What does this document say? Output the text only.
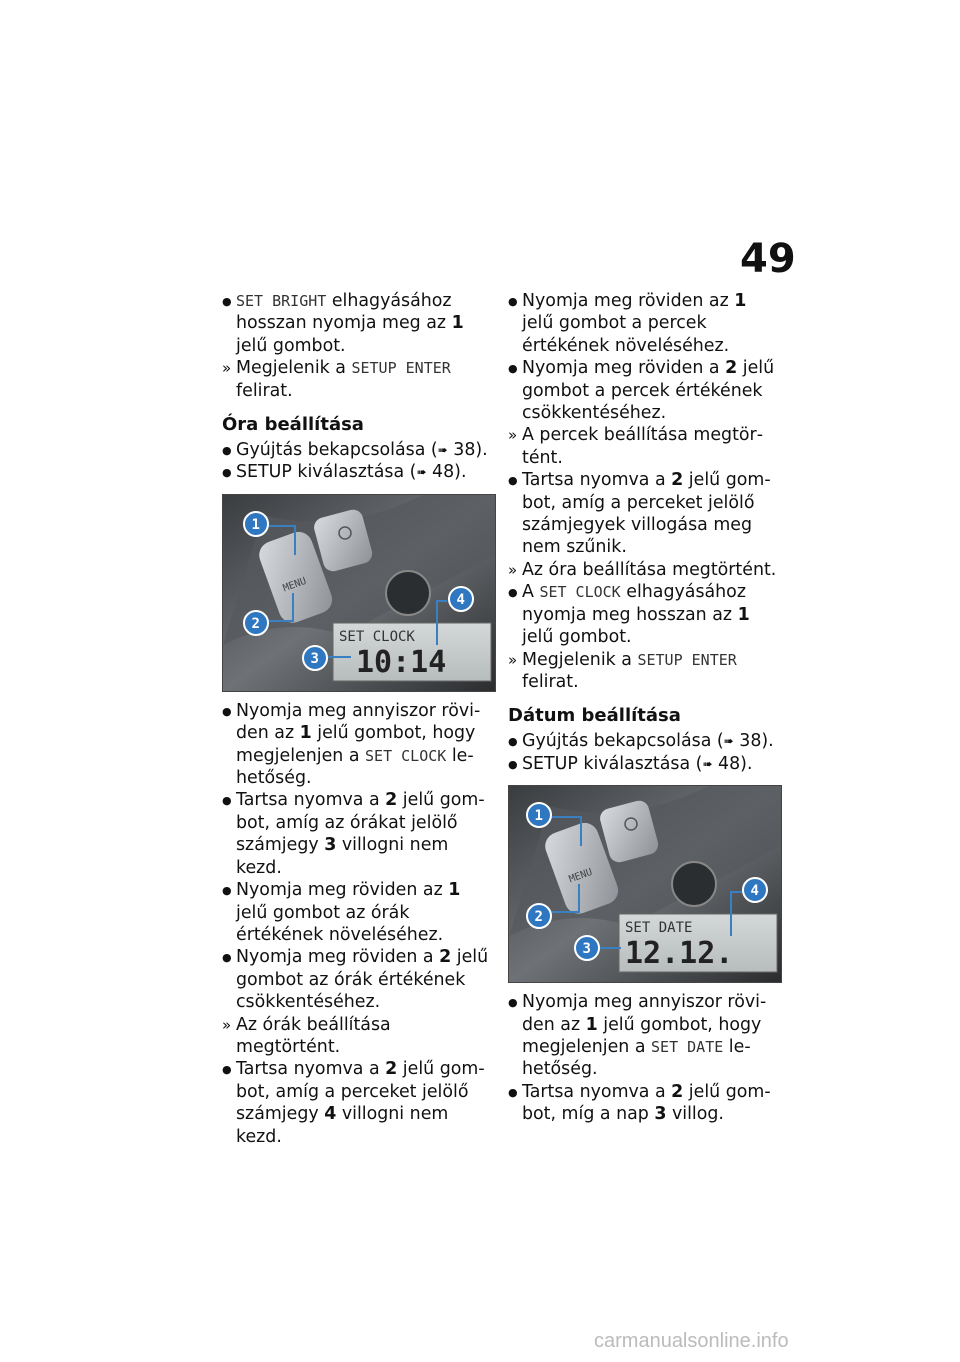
49

● SET BRIGHT elhagyásához hosszan nyomja meg az 1 jelű gombot.

» Megjelenik a SETUP ENTER felirat.

Óra beállítása

● Gyújtás bekapcsolása (➠ 38).

● SETUP kiválasztása (➠ 48).

MENU
SET CLOCK
10:14
1
2
3
4

● Nyomja meg annyiszor röviden az 1 jelű gombot, hogy megjelenjen a SET CLOCK lehetőség.

● Tartsa nyomva a 2 jelű gombot, amíg az órákat jelölő számjegy 3 villogni nem kezd.

● Nyomja meg röviden az 1 jelű gombot az órák értékének növeléséhez.

● Nyomja meg röviden a 2 jelű gombot az órák értékének csökkentéséhez.

» Az órák beállítása megtörtént.

● Tartsa nyomva a 2 jelű gombot, amíg a perceket jelölő számjegy 4 villogni nem kezd.

● Nyomja meg röviden az 1 jelű gombot a percek értékének növeléséhez.

● Nyomja meg röviden a 2 jelű gombot a percek értékének csökkentéséhez.

» A percek beállítása megtörtént.

● Tartsa nyomva a 2 jelű gombot, amíg a perceket jelölő számjegyek villogása meg nem szűnik.

» Az óra beállítása megtörtént.

● A SET CLOCK elhagyásához nyomja meg hosszan az 1 jelű gombot.

» Megjelenik a SETUP ENTER felirat.

Dátum beállítása

● Gyújtás bekapcsolása (➠ 38).

● SETUP kiválasztása (➠ 48).

MENU
SET DATE
12.12.
1
2
3
4

● Nyomja meg annyiszor röviden az 1 jelű gombot, hogy megjelenjen a SET DATE lehetőség.

● Tartsa nyomva a 2 jelű gombot, míg a nap 3 villog.

carmanualsonline.info
